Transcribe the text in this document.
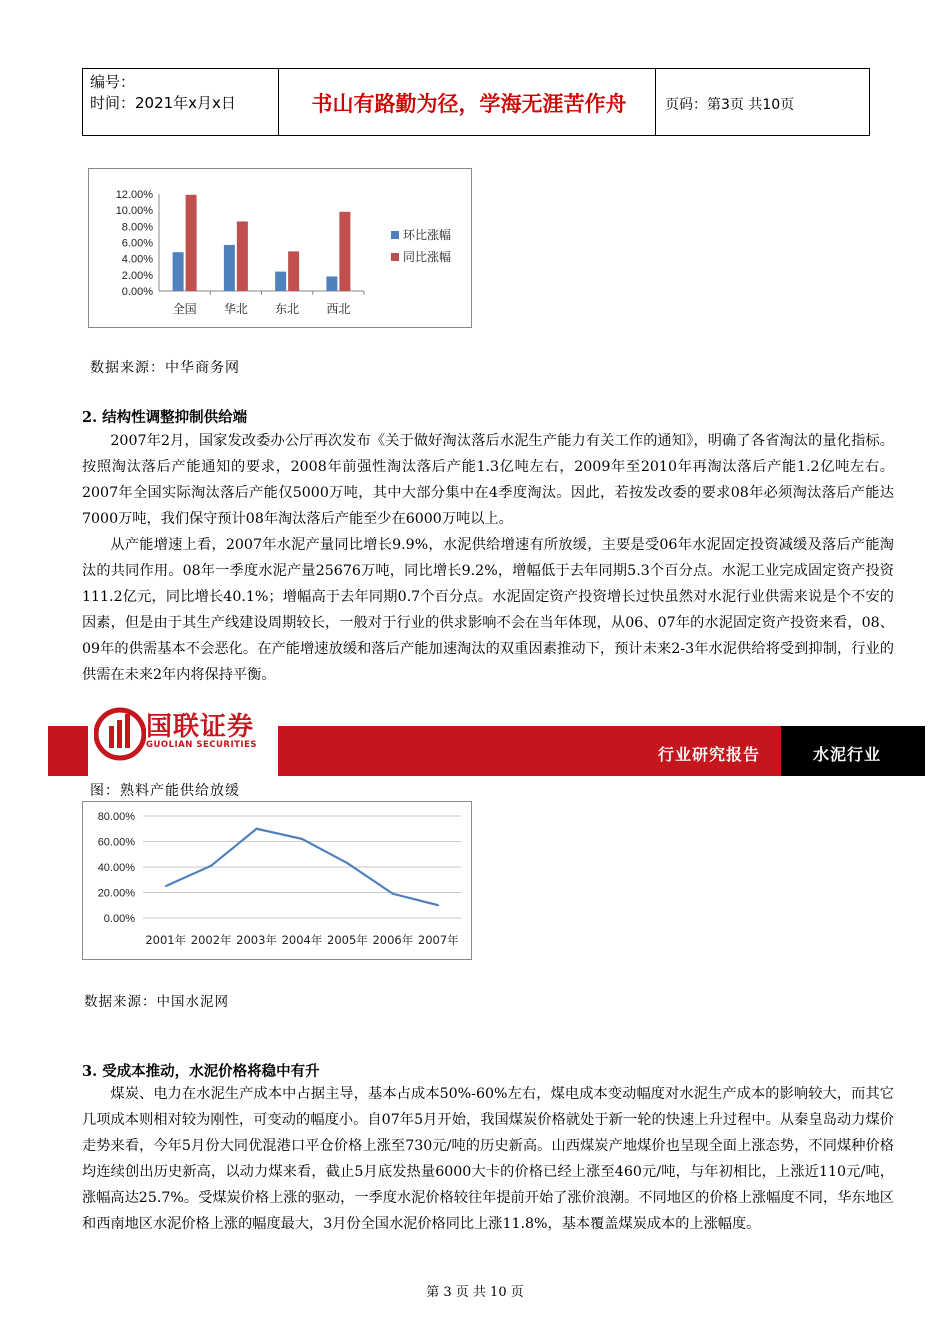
编号：
时间：2021年x月x日	书山有路勤为径，学海无涯苦作舟	页码：第3页 共10页
0.00%
2.00%
4.00%
6.00%
8.00%
10.00%
12.00%
全国 华北 东北 西北
环比涨幅
同比涨幅
数据来源：中华商务网
2. 结构性调整抑制供给端

2007年2月，国家发改委办公厅再次发布《关于做好淘汰落后水泥生产能力有关工作的通知》，明确了各省淘汰的量化指标。按照淘汰落后产能通知的要求，2008年前强性淘汰落后产能1.3亿吨左右，2009年至2010年再淘汰落后产能1.2亿吨左右。2007年全国实际淘汰落后产能仅5000万吨，其中大部分集中在4季度淘汰。因此，若按发改委的要求08年必须淘汰落后产能达7000万吨，我们保守预计08年淘汰落后产能至少在6000万吨以上。

从产能增速上看，2007年水泥产量同比增长9.9%，水泥供给增速有所放缓，主要是受06年水泥固定投资减缓及落后产能淘汰的共同作用。08年一季度水泥产量25676万吨，同比增长9.2%，增幅低于去年同期5.3个百分点。水泥工业完成固定资产投资111.2亿元，同比增长40.1%；增幅高于去年同期0.7个百分点。水泥固定资产投资增长过快虽然对水泥行业供需来说是个不安的因素，但是由于其生产线建设周期较长，一般对于行业的供求影响不会在当年体现，从06、07年的水泥固定资产投资来看，08、09年的供需基本不会恶化。在产能增速放缓和落后产能加速淘汰的双重因素推动下，预计未来2-3年水泥供给将受到抑制，行业的供需在未来2年内将保持平衡。

国联证券
GUOLIAN SECURITIES	行业研究报告	水泥行业
图：熟料产能供给放缓
0.00%
20.00%
40.00%
60.00%
80.00%
2001年 2002年 2003年 2004年 2005年 2006年 2007年
数据来源：中国水泥网
3. 受成本推动，水泥价格将稳中有升

煤炭、电力在水泥生产成本中占据主导，基本占成本50%-60%左右，煤电成本变动幅度对水泥生产成本的影响较大，而其它几项成本则相对较为刚性，可变动的幅度小。自07年5月开始，我国煤炭价格就处于新一轮的快速上升过程中。从秦皇岛动力煤价走势来看，今年5月份大同优混港口平仓价格上涨至730元/吨的历史新高。山西煤炭产地煤价也呈现全面上涨态势，不同煤种价格均连续创出历史新高，以动力煤来看，截止5月底发热量6000大卡的价格已经上涨至460元/吨，与年初相比，上涨近110元/吨，涨幅高达25.7%。受煤炭价格上涨的驱动，一季度水泥价格较往年提前开始了涨价浪潮。不同地区的价格上涨幅度不同，华东地区和西南地区水泥价格上涨的幅度最大，3月份全国水泥价格同比上涨11.8%，基本覆盖煤炭成本的上涨幅度。

第 3 页 共 10 页
